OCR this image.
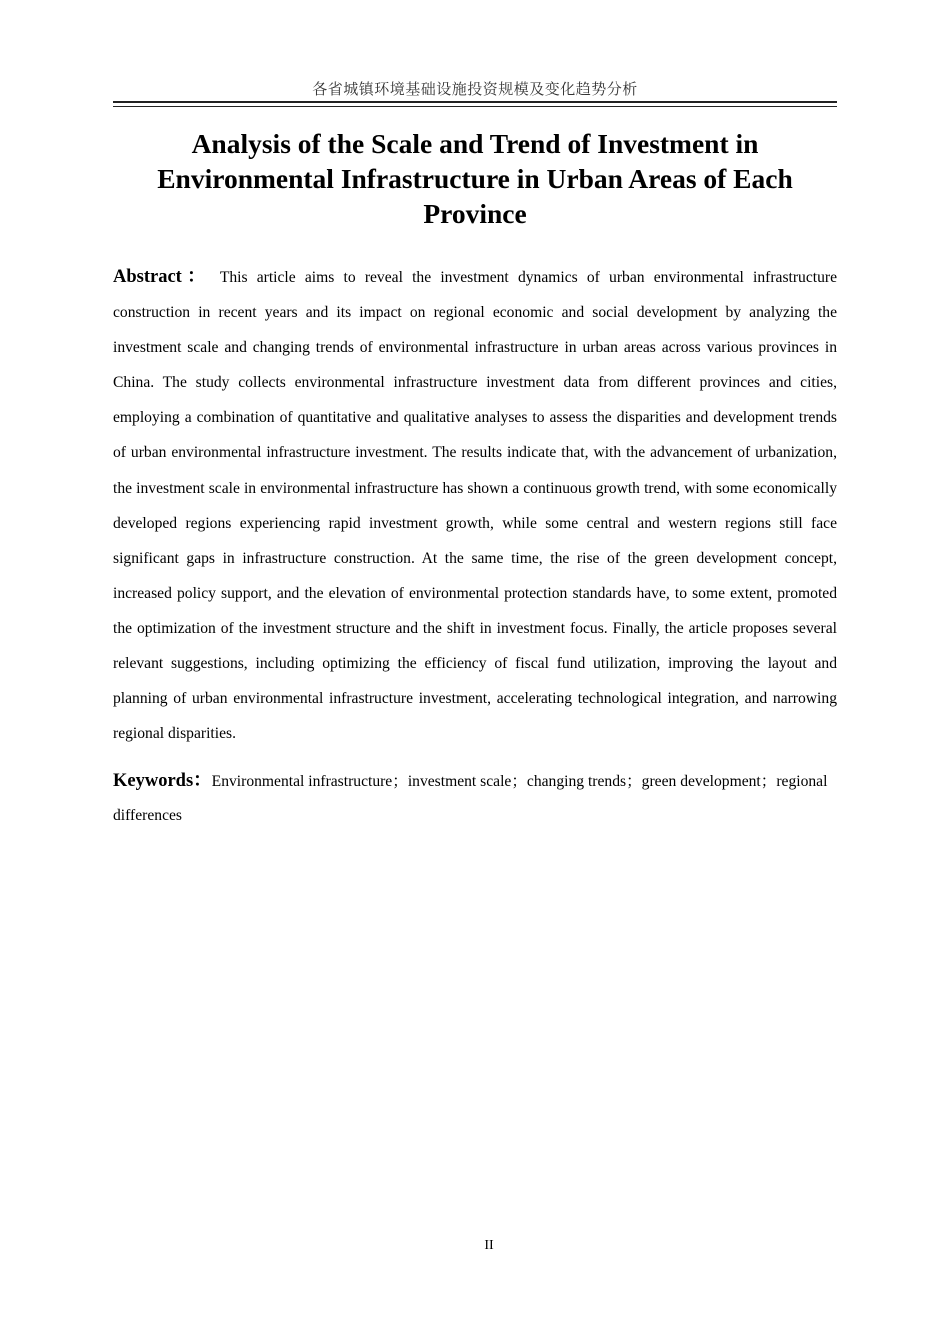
各省城镇环境基础设施投资规模及变化趋势分析
Analysis of the Scale and Trend of Investment in Environmental Infrastructure in Urban Areas of Each Province

Abstract： This article aims to reveal the investment dynamics of urban environmental infrastructure construction in recent years and its impact on regional economic and social development by analyzing the investment scale and changing trends of environmental infrastructure in urban areas across various provinces in China. The study collects environmental infrastructure investment data from different provinces and cities, employing a combination of quantitative and qualitative analyses to assess the disparities and development trends of urban environmental infrastructure investment. The results indicate that, with the advancement of urbanization, the investment scale in environmental infrastructure has shown a continuous growth trend, with some economically developed regions experiencing rapid investment growth, while some central and western regions still face significant gaps in infrastructure construction. At the same time, the rise of the green development concept, increased policy support, and the elevation of environmental protection standards have, to some extent, promoted the optimization of the investment structure and the shift in investment focus. Finally, the article proposes several relevant suggestions, including optimizing the efficiency of fiscal fund utilization, improving the layout and planning of urban environmental infrastructure investment, accelerating technological integration, and narrowing regional disparities.

Keywords：Environmental infrastructure；investment scale；changing trends；green development；regional differences

II
